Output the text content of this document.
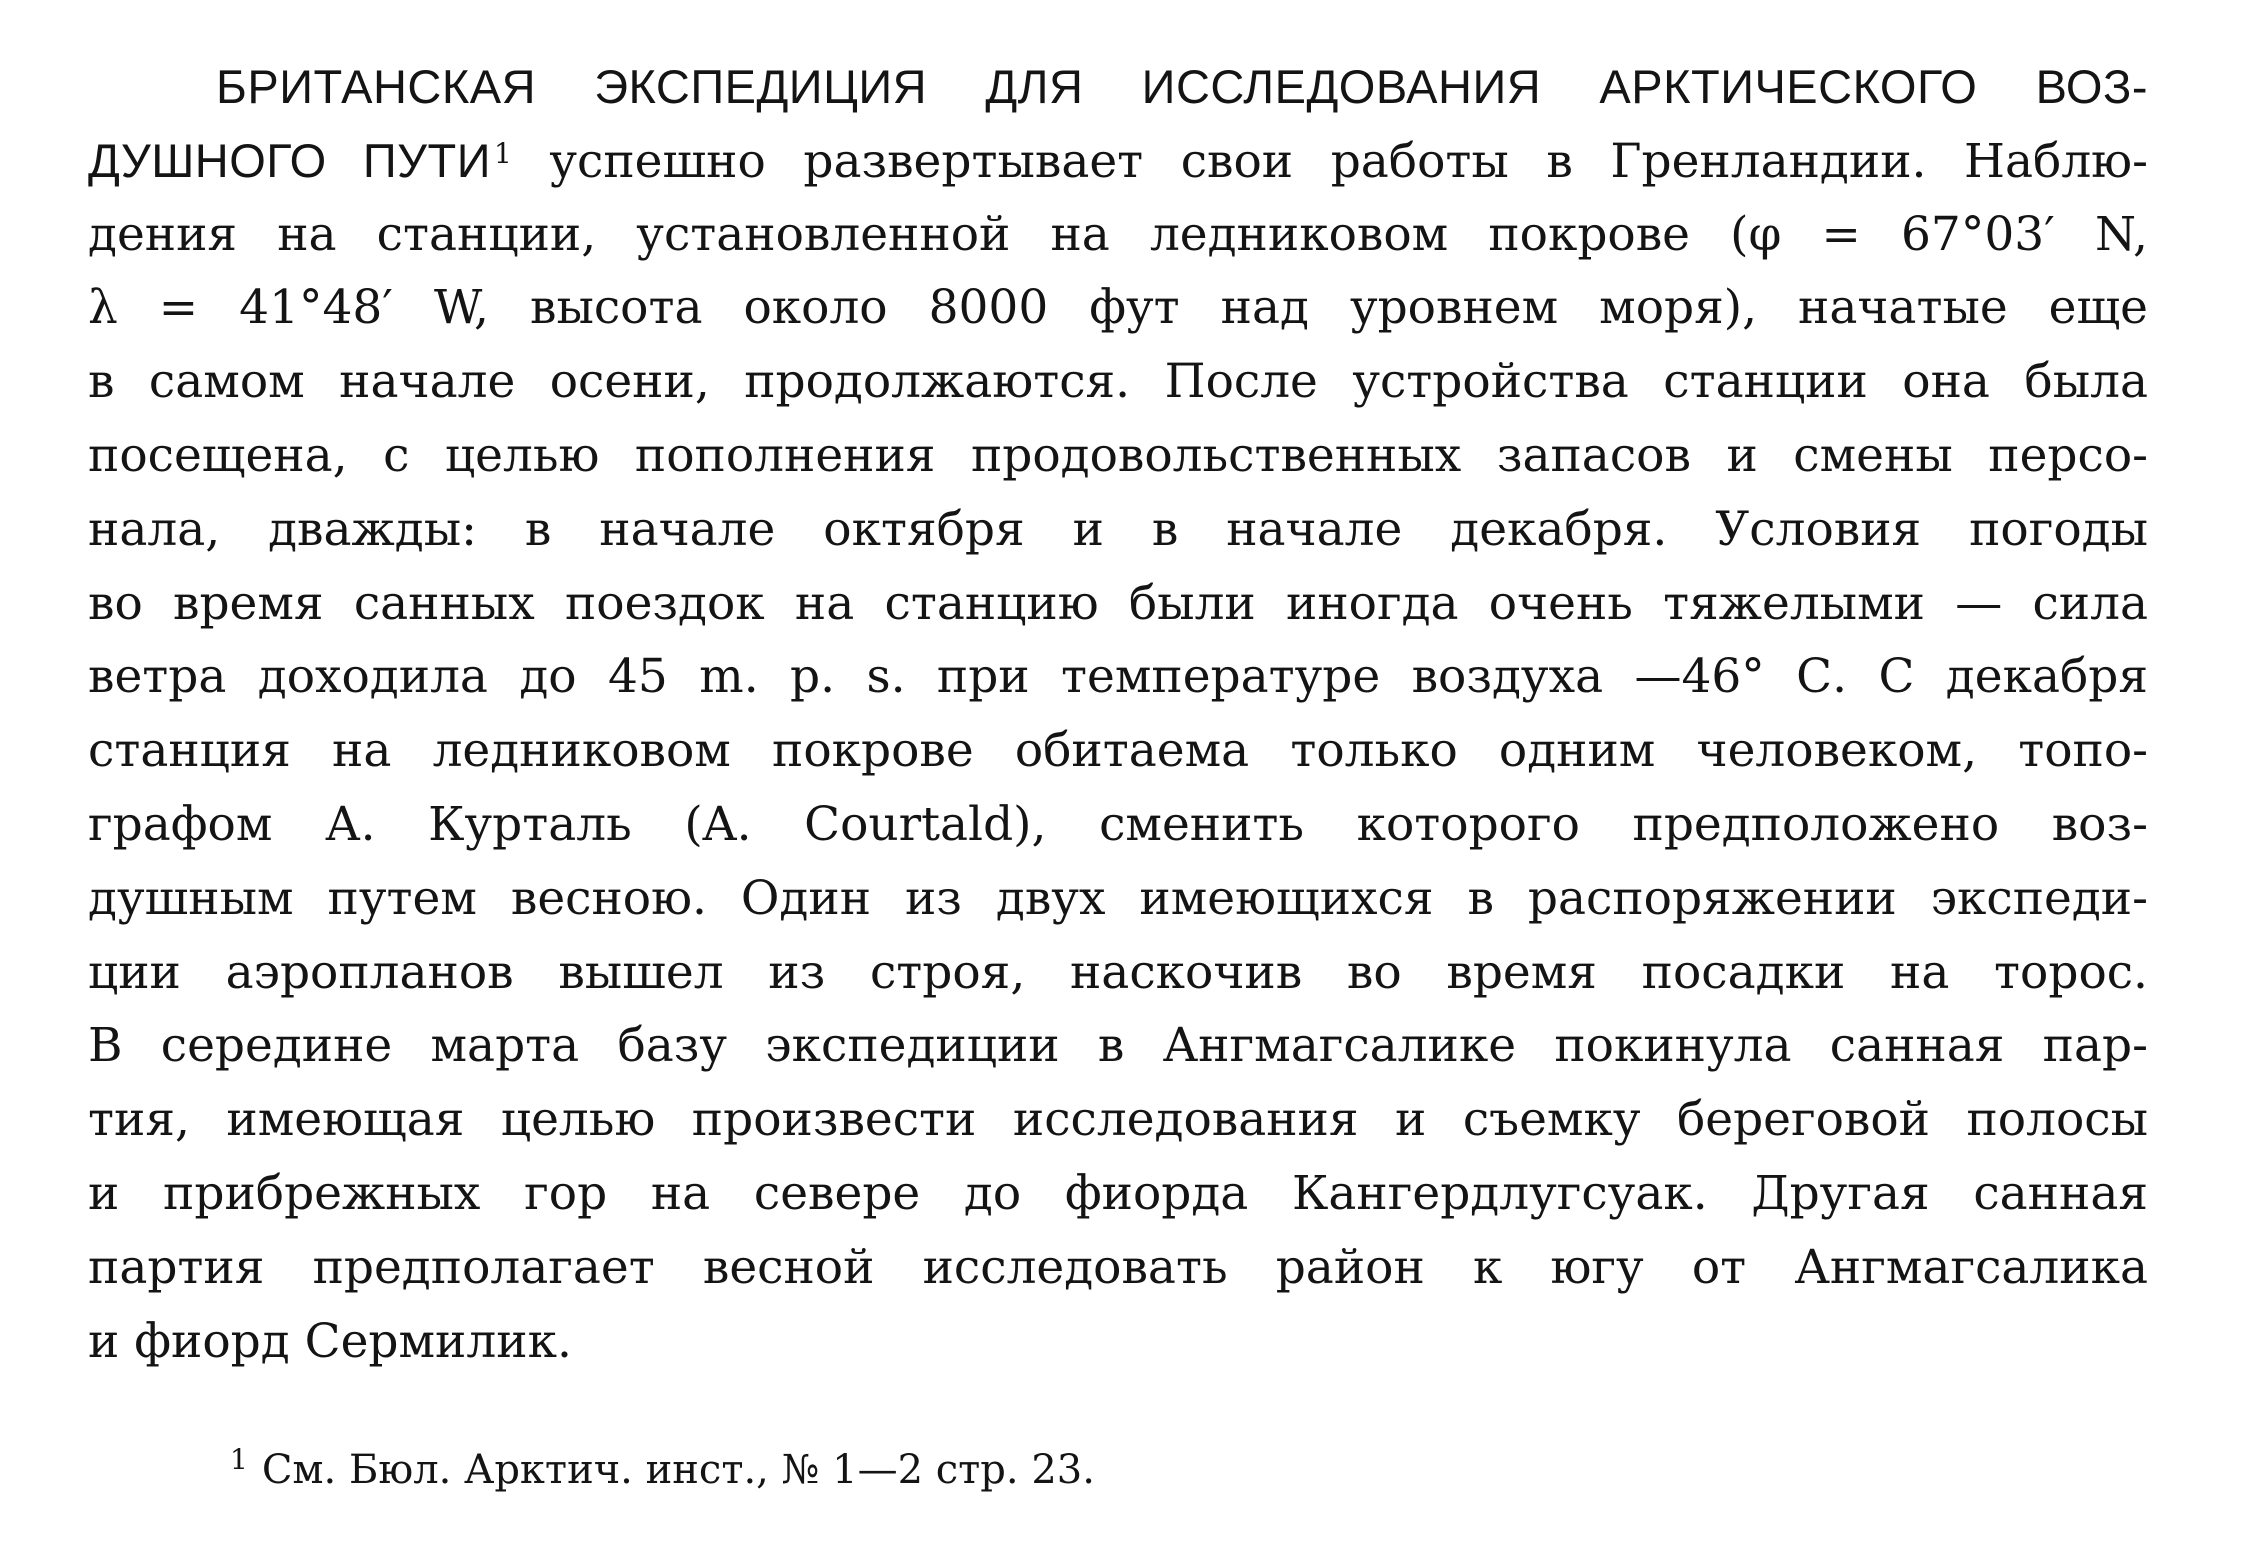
БРИТАНСКАЯ ЭКСПЕДИЦИЯ ДЛЯ ИССЛЕДОВАНИЯ АРКТИЧЕСКОГО ВОЗ-
ДУШНОГО ПУТИ $^1$ успешно развертывает свои работы в Гренландии. Наблю-
дения на станции, установленной на ледниковом покрове (φ = 67°03′ N,
λ = 41°48′ W, высота около 8000 фут над уровнем моря), начатые еще
в самом начале осени, продолжаются. После устройства станции она была
посещена, с целью пополнения продовольственных запасов и смены персо-
нала, дважды: в начале октября и в начале декабря. Условия погоды
во время санных поездок на станцию были иногда очень тяжелыми — сила
ветра доходила до 45 m. p. s. при температуре воздуха —46° С. С декабря
станция на ледниковом покрове обитаема только одним человеком, топо-
графом А. Курталь (A. Courtald), сменить которого предположено воз-
душным путем весною. Один из двух имеющихся в распоряжении экспеди-
ции аэропланов вышел из строя, наскочив во время посадки на торос.
В середине марта базу экспедиции в Ангмагсалике покинула санная пар-
тия, имеющая целью произвести исследования и съемку береговой полосы
и прибрежных гор на севере до фиорда Кангердлугсуак. Другая санная
партия предполагает весной исследовать район к югу от Ангмагсалика
и фиорд Сермилик.
$^1$ См. Бюл. Арктич. инст., № 1—2 стр. 23.
